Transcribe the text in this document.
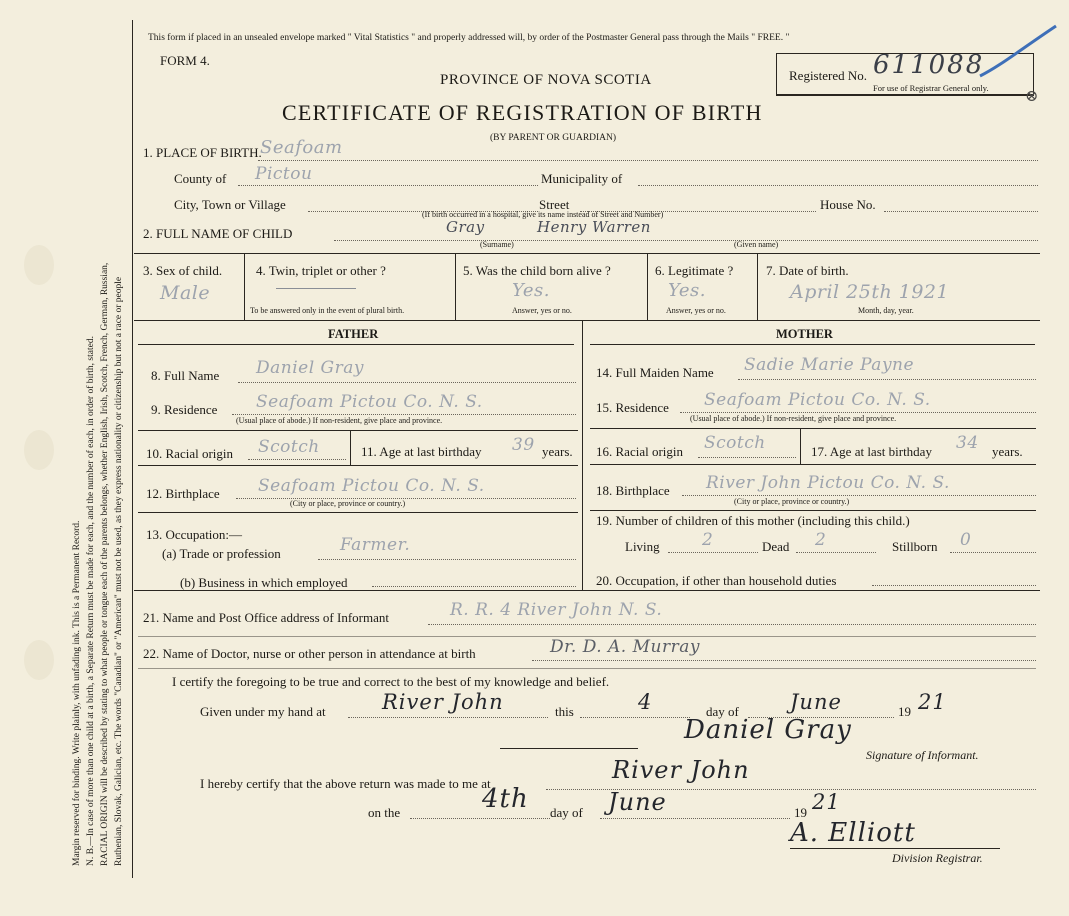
Margin reserved for binding. Write plainly, with unfading ink. This is a Permanent Record. N. B.—In case of more than one child at a birth, a Separate Return must be made for each, and the number of each, in order of birth, stated. RACIAL ORIGIN will be described by stating to what people or tongue each of the parents belongs, whether English, Irish, Scotch, French, German, Russian, Ruthenian, Slovak, Galician, etc. The words "Canadian" or "American" must not be used, as they express nationality or citizenship but not a race or people
This form if placed in an unsealed envelope marked " Vital Statistics " and properly addressed will, by order of the Postmaster General pass through the Mails " FREE. "
FORM 4.
PROVINCE OF NOVA SCOTIA
CERTIFICATE OF REGISTRATION OF BIRTH
(BY PARENT OR GUARDIAN)
Registered No. 611088
For use of Registrar General only. ⊗
1. PLACE OF BIRTH.
Seafoam
County of Pictou	Municipality of
City, Town or Village	Street	House No.
(If birth occurred in a hospital, give its name instead of Street and Number)
2. FULL NAME OF CHILD	Gray	Henry Warren
(Surname)	(Given name)
3. Sex of child.
Male
4. Twin, triplet or other ?
To be answered only in the event of plural birth.
5. Was the child born alive ?
Yes.
Answer, yes or no.
6. Legitimate ?
Yes.
Answer, yes or no.
7. Date of birth.
April 25th 1921
Month, day, year.
FATHER	MOTHER
8. Full Name Daniel Gray
9. Residence Seafoam Pictou Co. N. S.
(Usual place of abode.) If non-resident, give place and province.
10. Racial origin Scotch	11. Age at last birthday 39 years.
12. Birthplace Seafoam Pictou Co. N. S.
(City or place, province or country.)
13. Occupation:—
(a) Trade or profession	Farmer.
(b) Business in which employed
14. Full Maiden Name Sadie Marie Payne
15. Residence Seafoam Pictou Co. N. S.
(Usual place of abode.) If non-resident, give place and province.
16. Racial origin Scotch	17. Age at last birthday 34 years.
18. Birthplace River John Pictou Co. N. S.
(City or place, province or country.)
19. Number of children of this mother (including this child.)
Living 2	Dead 2	Stillborn 0
20. Occupation, if other than household duties
21. Name and Post Office address of Informant	R. R. 4 River John N. S.
22. Name of Doctor, nurse or other person in attendance at birth	Dr. D. A. Murray
I certify the foregoing to be true and correct to the best of my knowledge and belief.
Given under my hand at	River John	this	4	day of June	19 21
Daniel Gray
Signature of Informant.
I hereby certify that the above return was made to me at	River John
on the	4th day of June	19 21
A. Elliott
Division Registrar.
